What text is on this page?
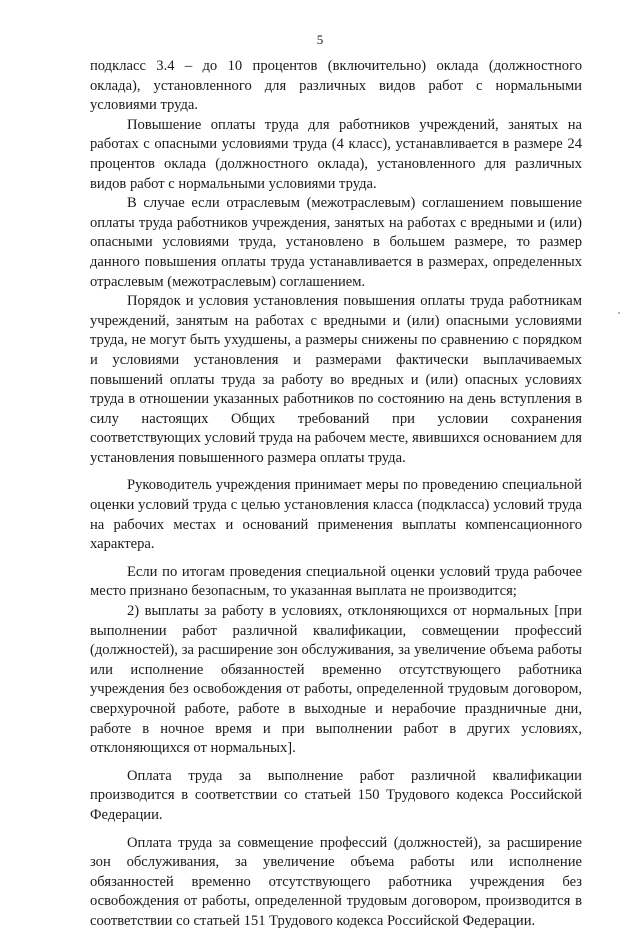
5

подкласс 3.4 – до 10 процентов (включительно) оклада (должностного оклада), установленного для различных видов работ с нормальными условиями труда.

Повышение оплаты труда для работников учреждений, занятых на работах с опасными условиями труда (4 класс), устанавливается в размере 24 процентов оклада (должностного оклада), установленного для различных видов работ с нормальными условиями труда.

В случае если отраслевым (межотраслевым) соглашением повышение оплаты труда работников учреждения, занятых на работах с вредными и (или) опасными условиями труда, установлено в большем размере, то размер данного повышения оплаты труда устанавливается в размерах, определенных отраслевым (межотраслевым) соглашением.

Порядок и условия установления повышения оплаты труда работникам учреждений, занятым на работах с вредными и (или) опасными условиями труда, не могут быть ухудшены, а размеры снижены по сравнению с порядком и условиями установления и размерами фактически выплачиваемых повышений оплаты труда за работу во вредных и (или) опасных условиях труда в отношении указанных работников по состоянию на день вступления в силу настоящих Общих требований при условии сохранения соответствующих условий труда на рабочем месте, явившихся основанием для установления повышенного размера оплаты труда.

Руководитель учреждения принимает меры по проведению специальной оценки условий труда с целью установления класса (подкласса) условий труда на рабочих местах и оснований применения выплаты компенсационного характера.

Если по итогам проведения специальной оценки условий труда рабочее место признано безопасным, то указанная выплата не производится;

2) выплаты за работу в условиях, отклоняющихся от нормальных [при выполнении работ различной квалификации, совмещении профессий (должностей), за расширение зон обслуживания, за увеличение объема работы или исполнение обязанностей временно отсутствующего работника учреждения без освобождения от работы, определенной трудовым договором, сверхурочной работе, работе в выходные и нерабочие праздничные дни, работе в ночное время и при выполнении работ в других условиях, отклоняющихся от нормальных].

Оплата труда за выполнение работ различной квалификации производится в соответствии со статьей 150 Трудового кодекса Российской Федерации.

Оплата труда за совмещение профессий (должностей), за расширение зон обслуживания, за увеличение объема работы или исполнение обязанностей временно отсутствующего работника учреждения без освобождения от работы, определенной трудовым договором, производится в соответствии со статьей 151 Трудового кодекса Российской Федерации.
